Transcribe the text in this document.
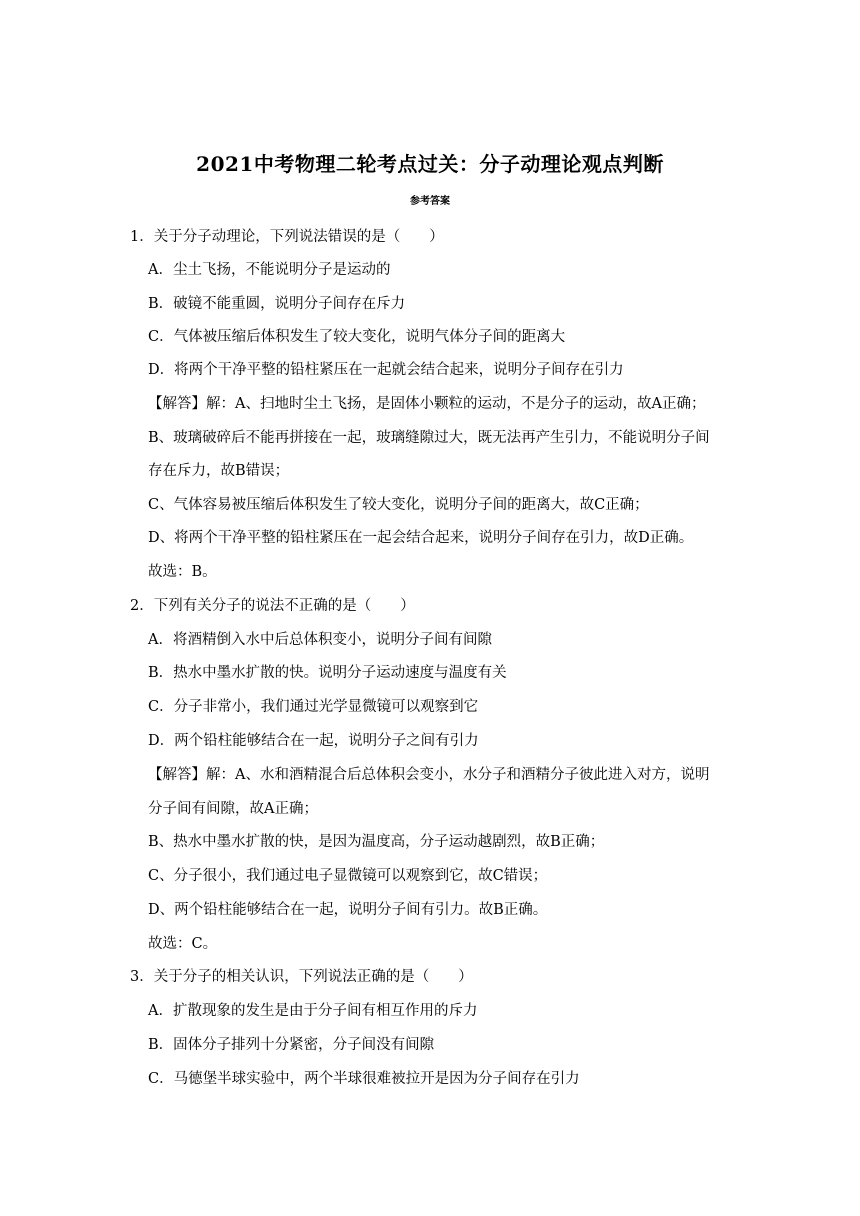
2021中考物理二轮考点过关：分子动理论观点判断
参考答案
1．关于分子动理论，下列说法错误的是（　　）
A．尘土飞扬，不能说明分子是运动的
B．破镜不能重圆，说明分子间存在斥力
C．气体被压缩后体积发生了较大变化，说明气体分子间的距离大
D．将两个干净平整的铅柱紧压在一起就会结合起来，说明分子间存在引力
【解答】解：A、扫地时尘土飞扬，是固体小颗粒的运动，不是分子的运动，故A正确；
B、玻璃破碎后不能再拼接在一起，玻璃缝隙过大，既无法再产生引力，不能说明分子间
存在斥力，故B错误；
C、气体容易被压缩后体积发生了较大变化，说明分子间的距离大，故C正确；
D、将两个干净平整的铅柱紧压在一起会结合起来，说明分子间存在引力，故D正确。
故选：B。
2．下列有关分子的说法不正确的是（　　）
A．将酒精倒入水中后总体积变小，说明分子间有间隙
B．热水中墨水扩散的快。说明分子运动速度与温度有关
C．分子非常小，我们通过光学显微镜可以观察到它
D．两个铅柱能够结合在一起，说明分子之间有引力
【解答】解：A、水和酒精混合后总体积会变小，水分子和酒精分子彼此进入对方，说明
分子间有间隙，故A正确；
B、热水中墨水扩散的快，是因为温度高，分子运动越剧烈，故B正确；
C、分子很小，我们通过电子显微镜可以观察到它，故C错误；
D、两个铅柱能够结合在一起，说明分子间有引力。故B正确。
故选：C。
3．关于分子的相关认识，下列说法正确的是（　　）
A．扩散现象的发生是由于分子间有相互作用的斥力
B．固体分子排列十分紧密，分子间没有间隙
C．马德堡半球实验中，两个半球很难被拉开是因为分子间存在引力
